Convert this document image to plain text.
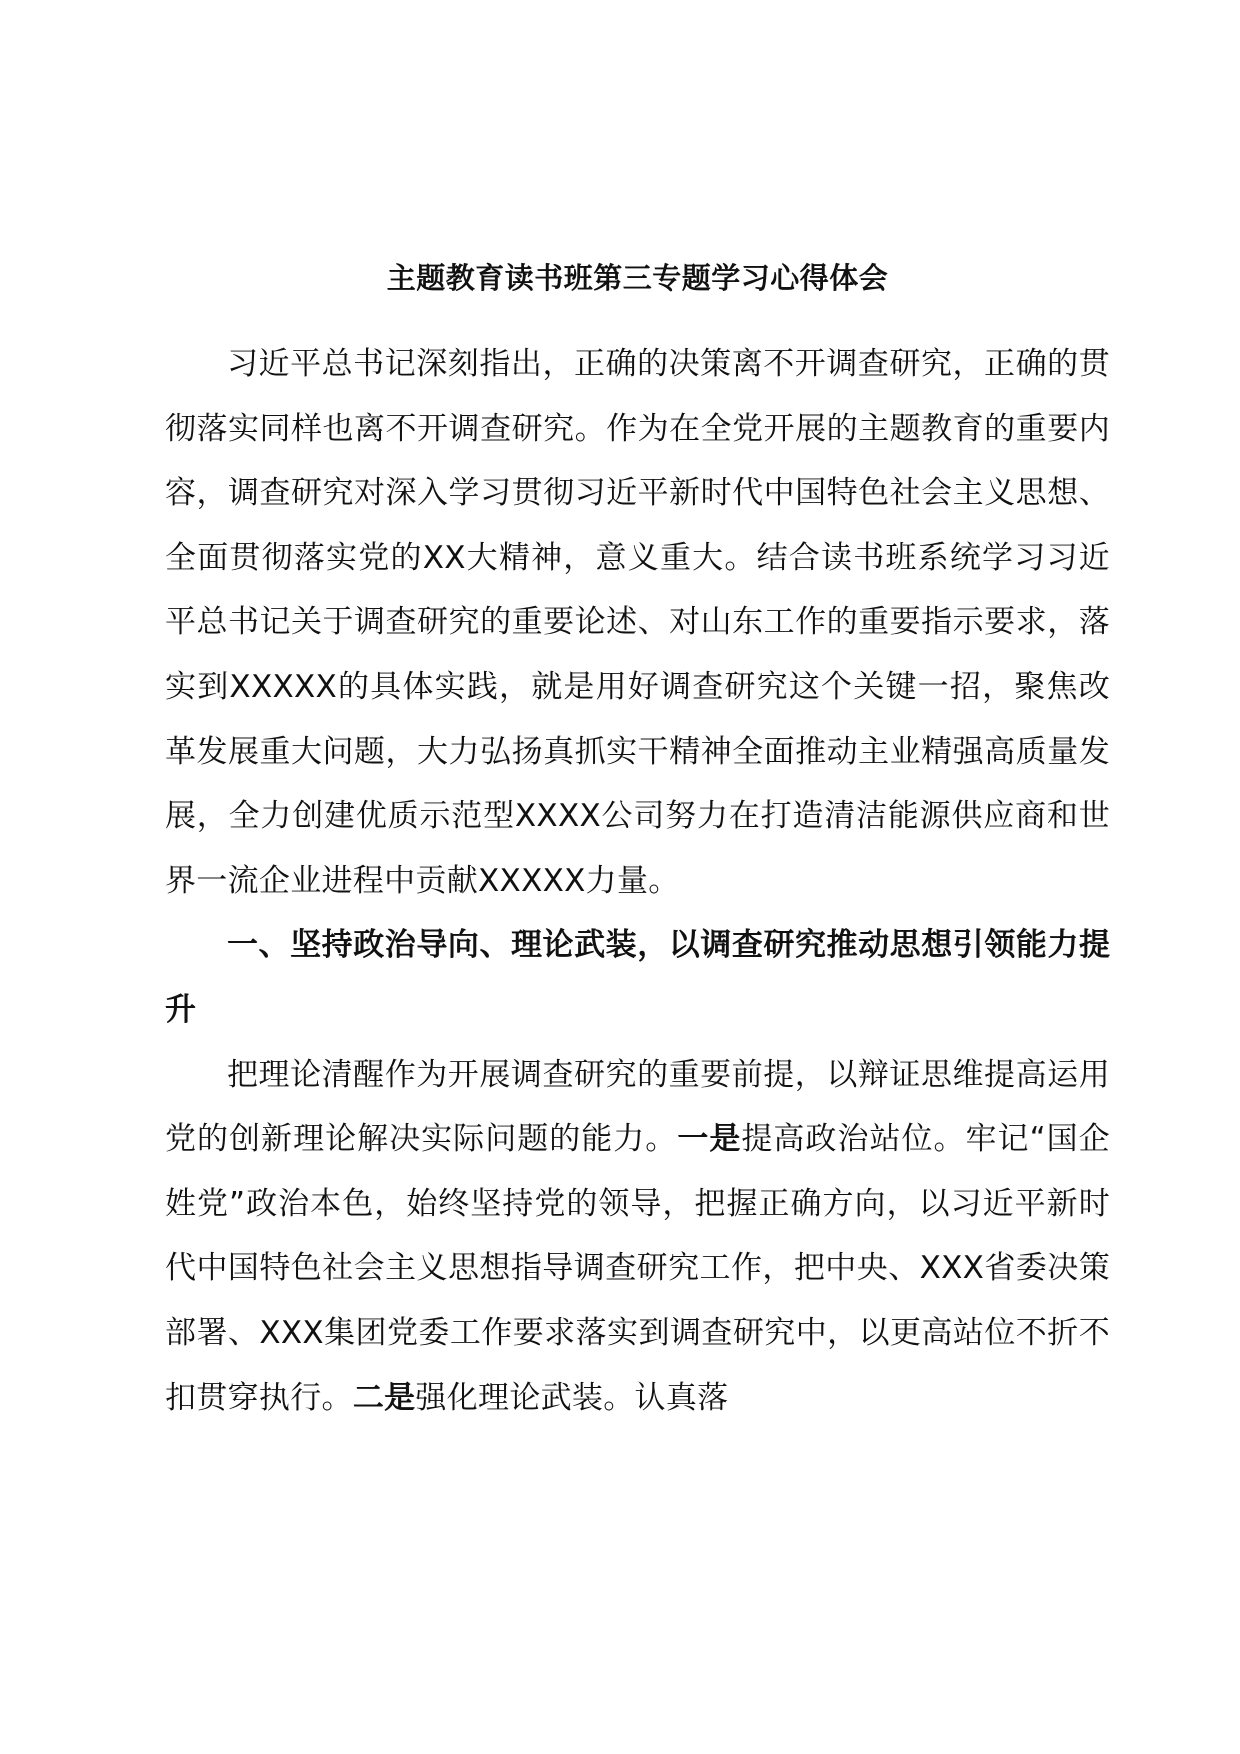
主题教育读书班第三专题学习心得体会

习近平总书记深刻指出，正确的决策离不开调查研究，正确的贯彻落实同样也离不开调查研究。作为在全党开展的主题教育的重要内容，调查研究对深入学习贯彻习近平新时代中国特色社会主义思想、全面贯彻落实党的XX大精神，意义重大。结合读书班系统学习习近平总书记关于调查研究的重要论述、对山东工作的重要指示要求，落实到XXXXX的具体实践，就是用好调查研究这个关键一招，聚焦改革发展重大问题，大力弘扬真抓实干精神全面推动主业精强高质量发展，全力创建优质示范型XXXX公司努力在打造清洁能源供应商和世界一流企业进程中贡献XXXXX力量。

一、坚持政治导向、理论武装，以调查研究推动思想引领能力提升

把理论清醒作为开展调查研究的重要前提，以辩证思维提高运用党的创新理论解决实际问题的能力。一是提高政治站位。牢记“国企姓党”政治本色，始终坚持党的领导，把握正确方向，以习近平新时代中国特色社会主义思想指导调查研究工作，把中央、XXX省委决策部署、XXX集团党委工作要求落实到调查研究中，以更高站位不折不扣贯穿执行。二是强化理论武装。认真落
